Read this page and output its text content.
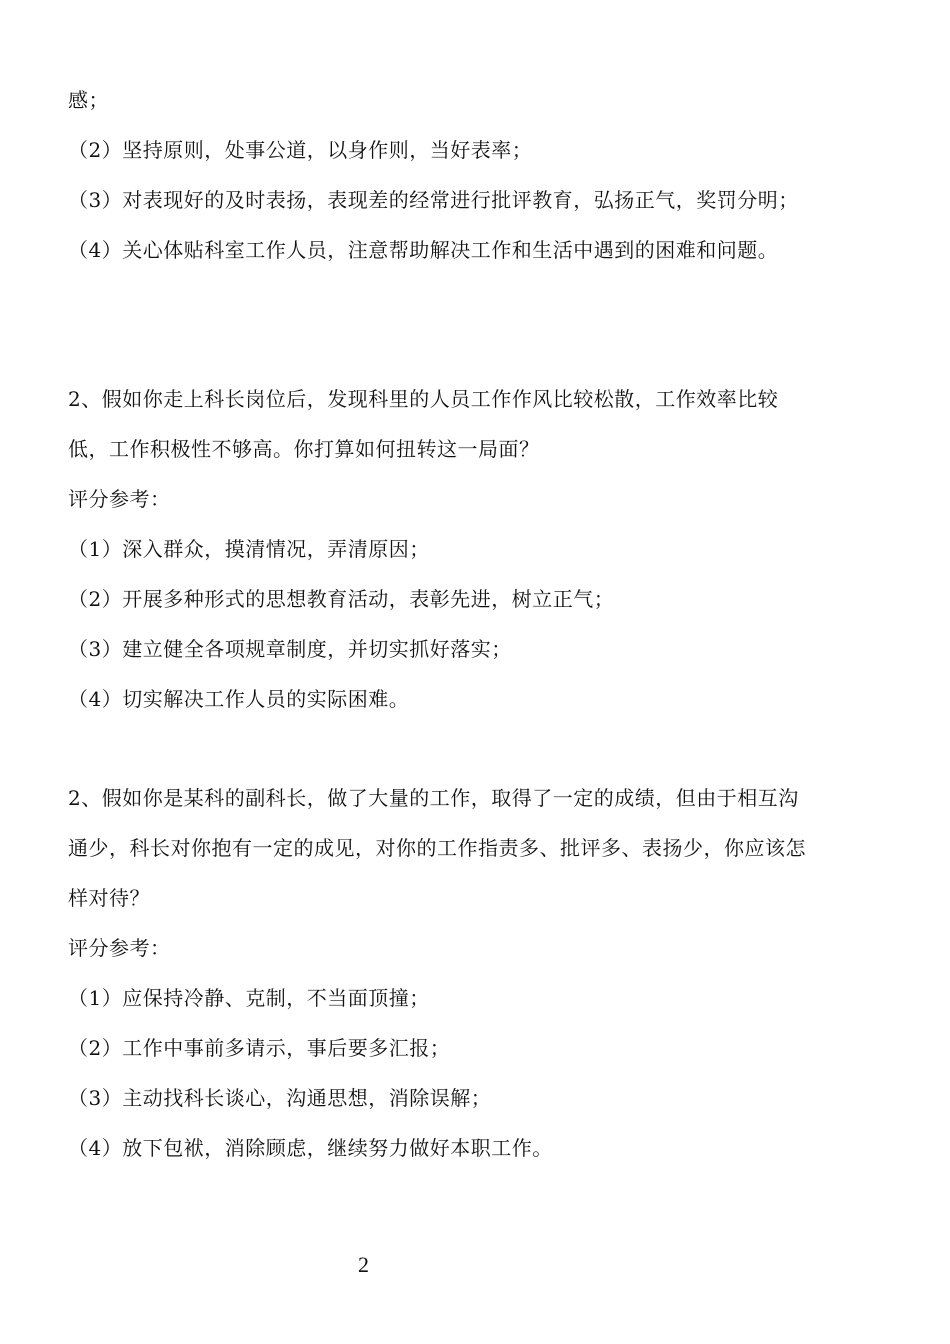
感；
（2）坚持原则，处事公道，以身作则，当好表率；
（3）对表现好的及时表扬，表现差的经常进行批评教育，弘扬正气，奖罚分明；
（4）关心体贴科室工作人员，注意帮助解决工作和生活中遇到的困难和问题。
2、假如你走上科长岗位后，发现科里的人员工作作风比较松散，工作效率比较
低，工作积极性不够高。你打算如何扭转这一局面？
评分参考：
（1）深入群众，摸清情况，弄清原因；
（2）开展多种形式的思想教育活动，表彰先进，树立正气；
（3）建立健全各项规章制度，并切实抓好落实；
（4）切实解决工作人员的实际困难。
2、假如你是某科的副科长，做了大量的工作，取得了一定的成绩，但由于相互沟
通少，科长对你抱有一定的成见，对你的工作指责多、批评多、表扬少，你应该怎
样对待？
评分参考：
（1）应保持冷静、克制，不当面顶撞；
（2）工作中事前多请示，事后要多汇报；
（3）主动找科长谈心，沟通思想，消除误解；
（4）放下包袱，消除顾虑，继续努力做好本职工作。
2
